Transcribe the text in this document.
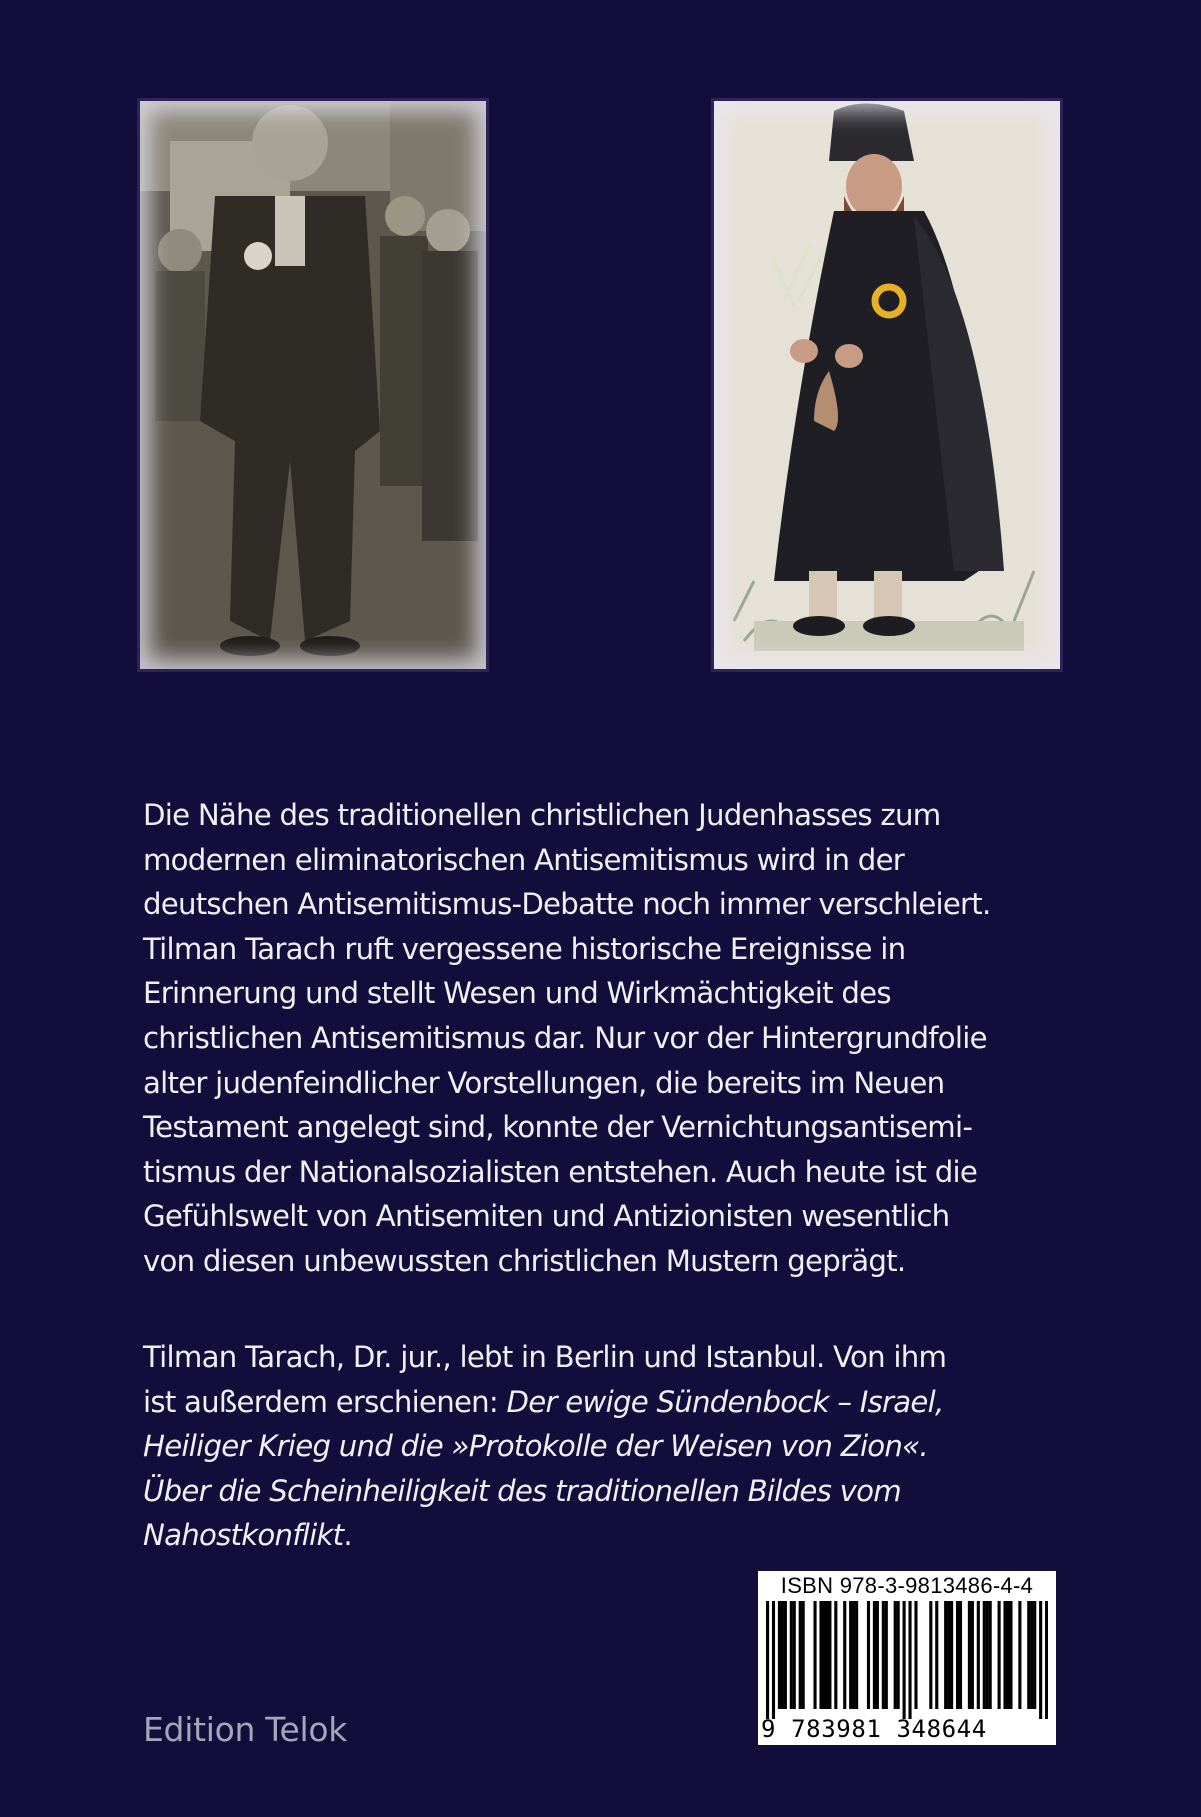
Die Nähe des traditionellen christlichen Judenhasses zum
modernen eliminatorischen Antisemitismus wird in der
deutschen Antisemitismus-Debatte noch immer verschleiert.
Tilman Tarach ruft vergessene historische Ereignisse in
Erinnerung und stellt Wesen und Wirkmächtigkeit des
christlichen Antisemitismus dar. Nur vor der Hintergrundfolie
alter judenfeindlicher Vorstellungen, die bereits im Neuen
Testament angelegt sind, konnte der Vernichtungsantisemi-
tismus der Nationalsozialisten entstehen. Auch heute ist die
Gefühlswelt von Antisemiten und Antizionisten wesentlich
von diesen unbewussten christlichen Mustern geprägt.

Tilman Tarach, Dr. jur., lebt in Berlin und Istanbul. Von ihm
ist außerdem erschienen: Der ewige Sündenbock – Israel,
Heiliger Krieg und die »Protokolle der Weisen von Zion«.
Über die Scheinheiligkeit des traditionellen Bildes vom
Nahostkonflikt.

Edition Telok
ISBN 978-3-9813486-4-4
9 783981 348644
